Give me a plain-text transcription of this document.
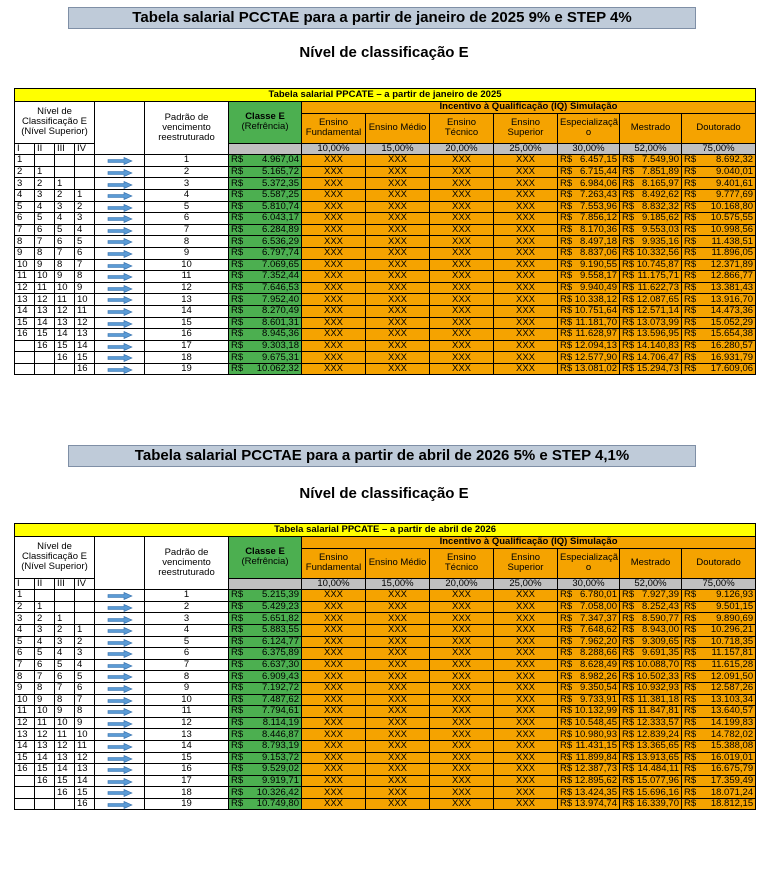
Tabela salarial PCCTAE para a partir de janeiro de 2025 9% e STEP 4%
Nível de classificação E
Tabela salarial PPCATE – a partir de janeiro de 2025													
Nível de Classificação E (Nível Superior)					Padrão de vencimento reestruturado	Classe E
(Refrência)	Incentivo à Qualificação (IQ) Simulação						
							Ensino Fundamental	Ensino Médio	Ensino Técnico	Ensino Superior	Especializaçã o	Mestrado	Doutorado

I	II	III	IV				10,00%	15,00%	20,00%	25,00%	30,00%	52,00%	75,00%
1					1	R$ 4.967,04	XXX	XXX	XXX	XXX	R$ 6.457,15	R$ 7.549,90	R$ 8.692,32

2	1				2	R$ 5.165,72	XXX	XXX	XXX	XXX	R$ 6.715,44	R$ 7.851,89	R$ 9.040,01

3	2	1			3	R$ 5.372,35	XXX	XXX	XXX	XXX	R$ 6.984,06	R$ 8.165,97	R$ 9.401,61

4	3	2	1		4	R$ 5.587,25	XXX	XXX	XXX	XXX	R$ 7.263,43	R$ 8.492,62	R$ 9.777,69

5	4	3	2		5	R$ 5.810,74	XXX	XXX	XXX	XXX	R$ 7.553,96	R$ 8.832,32	R$ 10.168,80

6	5	4	3		6	R$ 6.043,17	XXX	XXX	XXX	XXX	R$ 7.856,12	R$ 9.185,62	R$ 10.575,55

7	6	5	4		7	R$ 6.284,89	XXX	XXX	XXX	XXX	R$ 8.170,36	R$ 9.553,03	R$ 10.998,56

8	7	6	5		8	R$ 6.536,29	XXX	XXX	XXX	XXX	R$ 8.497,18	R$ 9.935,16	R$ 11.438,51

9	8	7	6		9	R$ 6.797,74	XXX	XXX	XXX	XXX	R$ 8.837,06	R$ 10.332,56	R$ 11.896,05

10	9	8	7		10	R$ 7.069,65	XXX	XXX	XXX	XXX	R$ 9.190,55	R$ 10.745,87	R$ 12.371,89

11	10	9	8		11	R$ 7.352,44	XXX	XXX	XXX	XXX	R$ 9.558,17	R$ 11.175,71	R$ 12.866,77

12	11	10	9		12	R$ 7.646,53	XXX	XXX	XXX	XXX	R$ 9.940,49	R$ 11.622,73	R$ 13.381,43

13	12	11	10		13	R$ 7.952,40	XXX	XXX	XXX	XXX	R$ 10.338,12	R$ 12.087,65	R$ 13.916,70

14	13	12	11		14	R$ 8.270,49	XXX	XXX	XXX	XXX	R$ 10.751,64	R$ 12.571,14	R$ 14.473,36

15	14	13	12		15	R$ 8.601,31	XXX	XXX	XXX	XXX	R$ 11.181,70	R$ 13.073,99	R$ 15.052,29

16	15	14	13		16	R$ 8.945,36	XXX	XXX	XXX	XXX	R$ 11.628,97	R$ 13.596,95	R$ 15.654,38

	16	15	14		17	R$ 9.303,18	XXX	XXX	XXX	XXX	R$ 12.094,13	R$ 14.140,83	R$ 16.280,57

		16	15		18	R$ 9.675,31	XXX	XXX	XXX	XXX	R$ 12.577,90	R$ 14.706,47	R$ 16.931,79

			16		19	R$ 10.062,32	XXX	XXX	XXX	XXX	R$ 13.081,02	R$ 15.294,73	R$ 17.609,06
Tabela salarial PCCTAE para a partir de abril de 2026 5% e STEP 4,1%
Nível de classificação E
Tabela salarial PPCATE – a partir de abril de 2026													
Nível de Classificação E (Nível Superior)					Padrão de vencimento reestruturado	Classe E
(Refrência)	Incentivo à Qualificação (IQ) Simulação						
							Ensino Fundamental	Ensino Médio	Ensino Técnico	Ensino Superior	Especializaçã o	Mestrado	Doutorado

I	II	III	IV				10,00%	15,00%	20,00%	25,00%	30,00%	52,00%	75,00%
1					1	R$ 5.215,39	XXX	XXX	XXX	XXX	R$ 6.780,01	R$ 7.927,39	R$ 9.126,93

2	1				2	R$ 5.429,23	XXX	XXX	XXX	XXX	R$ 7.058,00	R$ 8.252,43	R$ 9.501,15

3	2	1			3	R$ 5.651,82	XXX	XXX	XXX	XXX	R$ 7.347,37	R$ 8.590,77	R$ 9.890,69

4	3	2	1		4	R$ 5.883,55	XXX	XXX	XXX	XXX	R$ 7.648,62	R$ 8.943,00	R$ 10.296,21

5	4	3	2		5	R$ 6.124,77	XXX	XXX	XXX	XXX	R$ 7.962,20	R$ 9.309,65	R$ 10.718,35

6	5	4	3		6	R$ 6.375,89	XXX	XXX	XXX	XXX	R$ 8.288,66	R$ 9.691,35	R$ 11.157,81

7	6	5	4		7	R$ 6.637,30	XXX	XXX	XXX	XXX	R$ 8.628,49	R$ 10.088,70	R$ 11.615,28

8	7	6	5		8	R$ 6.909,43	XXX	XXX	XXX	XXX	R$ 8.982,26	R$ 10.502,33	R$ 12.091,50

9	8	7	6		9	R$ 7.192,72	XXX	XXX	XXX	XXX	R$ 9.350,54	R$ 10.932,93	R$ 12.587,26

10	9	8	7		10	R$ 7.487,62	XXX	XXX	XXX	XXX	R$ 9.733,91	R$ 11.381,18	R$ 13.103,34

11	10	9	8		11	R$ 7.794,61	XXX	XXX	XXX	XXX	R$ 10.132,99	R$ 11.847,81	R$ 13.640,57

12	11	10	9		12	R$ 8.114,19	XXX	XXX	XXX	XXX	R$ 10.548,45	R$ 12.333,57	R$ 14.199,83

13	12	11	10		13	R$ 8.446,87	XXX	XXX	XXX	XXX	R$ 10.980,93	R$ 12.839,24	R$ 14.782,02

14	13	12	11		14	R$ 8.793,19	XXX	XXX	XXX	XXX	R$ 11.431,15	R$ 13.365,65	R$ 15.388,08

15	14	13	12		15	R$ 9.153,72	XXX	XXX	XXX	XXX	R$ 11.899,84	R$ 13.913,65	R$ 16.019,01

16	15	14	13		16	R$ 9.529,02	XXX	XXX	XXX	XXX	R$ 12.387,73	R$ 14.484,11	R$ 16.675,79

	16	15	14		17	R$ 9.919,71	XXX	XXX	XXX	XXX	R$ 12.895,62	R$ 15.077,96	R$ 17.359,49

		16	15		18	R$ 10.326,42	XXX	XXX	XXX	XXX	R$ 13.424,35	R$ 15.696,16	R$ 18.071,24

			16		19	R$ 10.749,80	XXX	XXX	XXX	XXX	R$ 13.974,74	R$ 16.339,70	R$ 18.812,15
